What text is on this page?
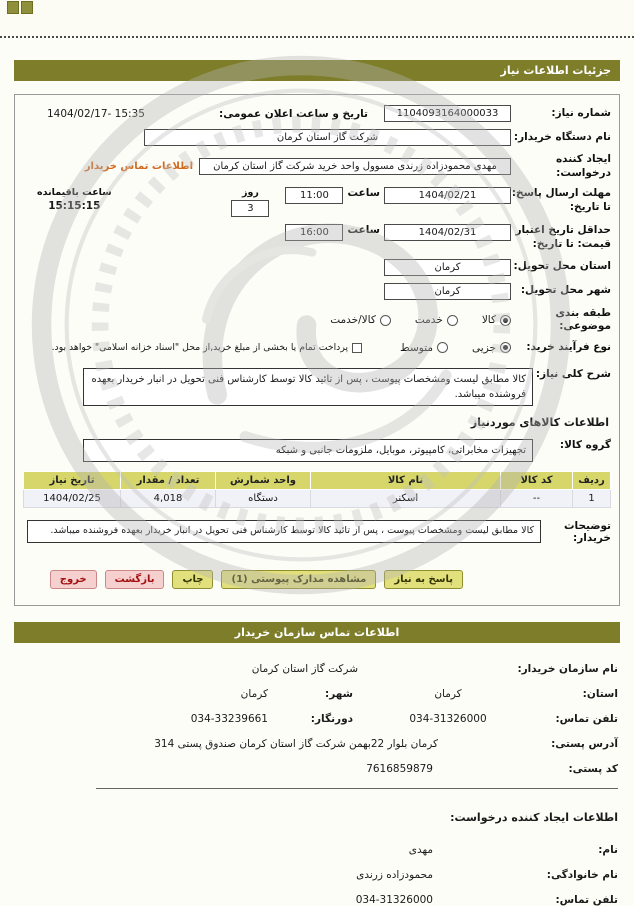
جزئیات اطلاعات نیاز
شماره نیاز:
1104093164000033
تاریخ و ساعت اعلان عمومی:
1404/02/17- 15:35
نام دستگاه خریدار:
شرکت گاز استان کرمان
ایجاد کننده درخواست:
مهدی محمودزاده زرندی مسوول واحد خرید شرکت گاز استان کرمان
اطلاعات تماس خریدار
مهلت ارسال پاسخ: تا تاریخ:
1404/02/21
ساعت
11:00
روز
3
ساعت باقیمانده
15:15:15
حداقل تاریخ اعتبار قیمت: تا تاریخ:
1404/02/31
ساعت
16:00
استان محل تحویل:
کرمان
شهر محل تحویل:
کرمان
طبقه بندی موضوعی:
کالا
خدمت
کالا/خدمت
نوع فرآیند خرید:
جزیی
متوسط
پرداخت تمام یا بخشی از مبلغ خرید,از محل "اسناد خزانه اسلامی" خواهد بود.
شرح کلی نیاز:
کالا مطابق لیست ومشخصات پیوست ، پس از تائید کالا توسط کارشناس فنی تحویل در انبار خریدار بعهده فروشنده میباشد.
اطلاعات کالاهای موردنیاز
گروه کالا:
تجهیزات مخابراتی، کامپیوتر، موبایل، ملزومات جانبی و شبکه
ردیف	کد کالا	نام کالا	واحد شمارش	تعداد / مقدار	تاریخ نیاز
1	--	اسکنر	دستگاه	4,018	1404/02/25
توضیحات خریدار:
کالا مطابق لیست ومشخصات پیوست ، پس از تائید کالا توسط کارشناس فنی تحویل در انبار خریدار بعهده فروشنده میباشد.
پاسخ به نیاز
مشاهده مدارک پیوستی (1)
چاپ
بازگشت
خروج
اطلاعات تماس سازمان خریدار
نام سازمان خریدار:
شرکت گاز استان کرمان
استان:
کرمان
شهر:
کرمان
تلفن تماس:
034-31326000
دورنگار:
034-33239661
آدرس پستی:
کرمان بلوار 22بهمن شرکت گاز استان کرمان صندوق پستی 314
کد پستی:
7616859879
اطلاعات ایجاد کننده درخواست:
نام:
مهدی
نام خانوادگی:
محمودزاده زرندی
تلفن تماس:
034-31326000
